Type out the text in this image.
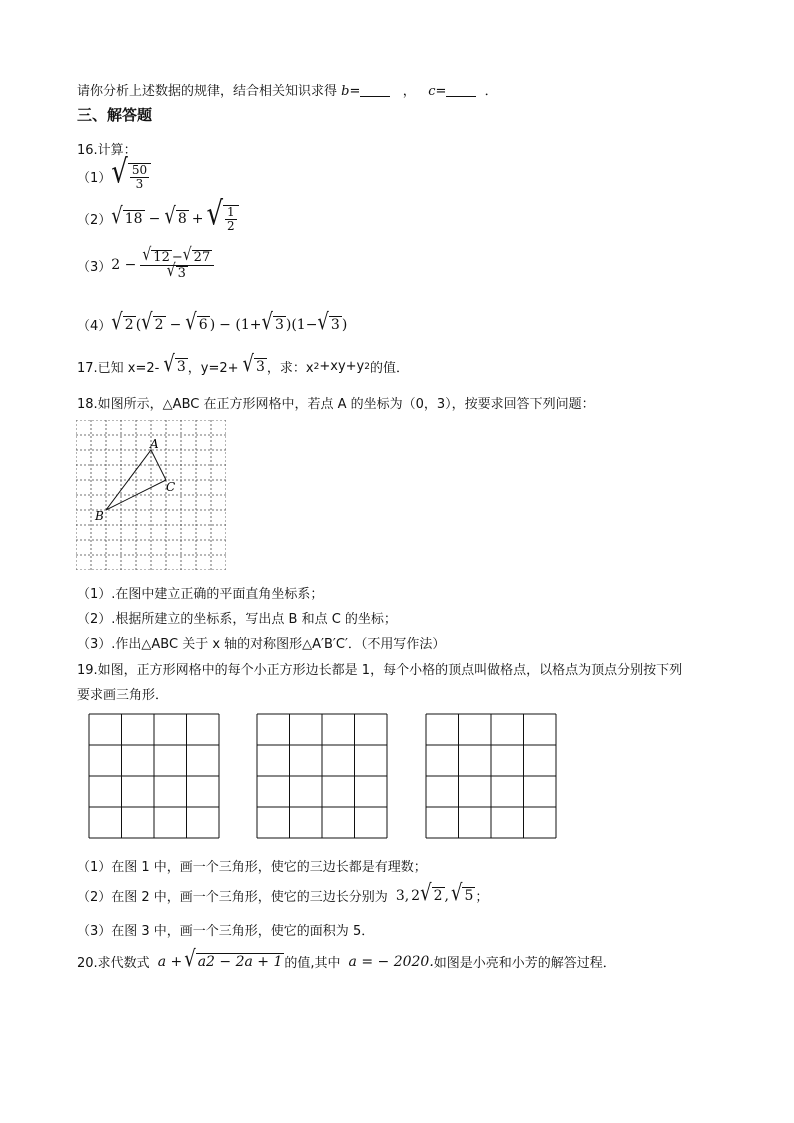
请你分析上述数据的规律，结合相关知识求得 b=	， c=	．
三、解答题
16.计算：
（1） √ $\frac{50}{3}$
（2） √ 18 − √ 8 + √ $\frac{1}{2}$
（3） $2 - \frac{√ 12 - √ 27}{√ 3}$
（4） √ 2 ( √ 2 − √ 6 ) − (1+ √ 3 )(1− √ 3 )
17.已知 x=2- √ 3 ，y=2+ √ 3 ，求：x 2 +xy+y 2 的值．
18.如图所示，△ABC 在正方形网格中，若点 A 的坐标为（0，3），按要求回答下列问题：
A
C
B
（1）.在图中建立正确的平面直角坐标系；
（2）.根据所建立的坐标系，写出点 B 和点 C 的坐标；
（3）.作出△ABC 关于 x 轴的对称图形△A′B′C′．（不用写作法）
19.如图，正方形网格中的每个小正方形边长都是 1，每个小格的顶点叫做格点，以格点为顶点分别按下列
要求画三角形．
（1）在图 1 中，画一个三角形，使它的三边长都是有理数；
（2）在图 2 中，画一个三角形，使它的三边长分别为 3, 2 √ 2 , √ 5 ；
（3）在图 3 中，画一个三角形，使它的面积为 5．
20.求代数式 a + √ a2 − 2a + 1 的值,其中 a = − 2020. 如图是小亮和小芳的解答过程．
